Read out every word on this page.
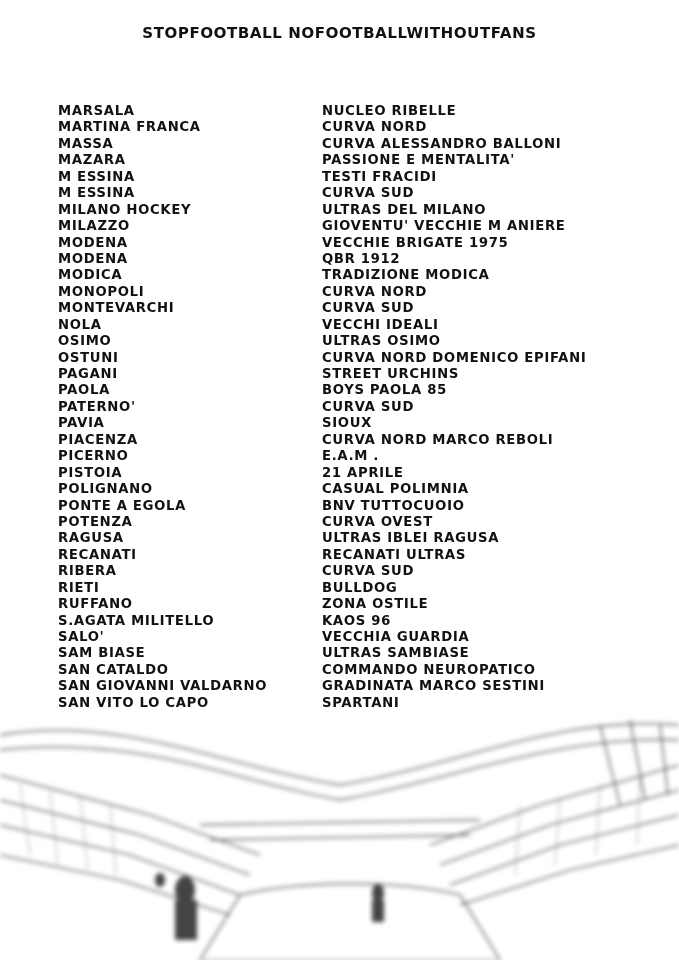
STOPFOOTBALL NOFOOTBALLWITHOUTFANS
MARSALA	NUCLEO RIBELLE
MARTINA FRANCA	CURVA NORD
MASSA	CURVA ALESSANDRO BALLONI
MAZARA	PASSIONE E MENTALITA'
M ESSINA	TESTI FRACIDI
M ESSINA	CURVA SUD
MILANO HOCKEY	ULTRAS DEL MILANO
MILAZZO	GIOVENTU' VECCHIE M ANIERE
MODENA	VECCHIE BRIGATE 1975
MODENA	QBR 1912
MODICA	TRADIZIONE MODICA
MONOPOLI	CURVA NORD
MONTEVARCHI	CURVA SUD
NOLA	VECCHI IDEALI
OSIMO	ULTRAS OSIMO
OSTUNI	CURVA NORD DOMENICO EPIFANI
PAGANI	STREET URCHINS
PAOLA	BOYS PAOLA 85
PATERNO'	CURVA SUD
PAVIA	SIOUX
PIACENZA	CURVA NORD MARCO REBOLI
PICERNO	E.A.M .
PISTOIA	21 APRILE
POLIGNANO	CASUAL POLIMNIA
PONTE A EGOLA	BNV TUTTOCUOIO
POTENZA	CURVA OVEST
RAGUSA	ULTRAS IBLEI RAGUSA
RECANATI	RECANATI ULTRAS
RIBERA	CURVA SUD
RIETI	BULLDOG
RUFFANO	ZONA OSTILE
S.AGATA MILITELLO	KAOS 96
SALO'	VECCHIA GUARDIA
SAM BIASE	ULTRAS SAMBIASE
SAN CATALDO	COMMANDO NEUROPATICO
SAN GIOVANNI VALDARNO	GRADINATA MARCO SESTINI
SAN VITO LO CAPO	SPARTANI
